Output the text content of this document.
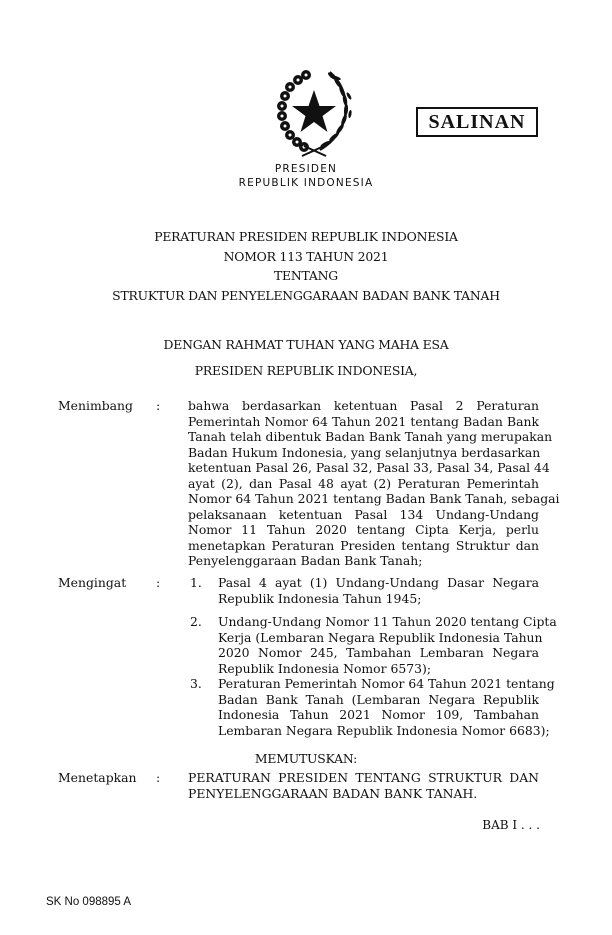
SALINAN
PRESIDEN
REPUBLIK INDONESIA
PERATURAN PRESIDEN REPUBLIK INDONESIA
NOMOR 113 TAHUN 2021
TENTANG
STRUKTUR DAN PENYELENGGARAAN BADAN BANK TANAH
DENGAN RAHMAT TUHAN YANG MAHA ESA
PRESIDEN REPUBLIK INDONESIA,
Menimbang : bahwa berdasarkan ketentuan Pasal 2 Peraturan
Pemerintah Nomor 64 Tahun 2021 tentang Badan Bank
Tanah telah dibentuk Badan Bank Tanah yang merupakan
Badan Hukum Indonesia, yang selanjutnya berdasarkan
ketentuan Pasal 26, Pasal 32, Pasal 33, Pasal 34, Pasal 44
ayat (2), dan Pasal 48 ayat (2) Peraturan Pemerintah
Nomor 64 Tahun 2021 tentang Badan Bank Tanah, sebagai
pelaksanaan ketentuan Pasal 134 Undang-Undang
Nomor 11 Tahun 2020 tentang Cipta Kerja, perlu
menetapkan Peraturan Presiden tentang Struktur dan
Penyelenggaraan Badan Bank Tanah;
Mengingat : 1. Pasal 4 ayat (1) Undang-Undang Dasar Negara
Republik Indonesia Tahun 1945;
2. Undang-Undang Nomor 11 Tahun 2020 tentang Cipta
Kerja (Lembaran Negara Republik Indonesia Tahun
2020 Nomor 245, Tambahan Lembaran Negara
Republik Indonesia Nomor 6573);
3. Peraturan Pemerintah Nomor 64 Tahun 2021 tentang
Badan Bank Tanah (Lembaran Negara Republik
Indonesia Tahun 2021 Nomor 109, Tambahan
Lembaran Negara Republik Indonesia Nomor 6683);
MEMUTUSKAN:
Menetapkan : PERATURAN PRESIDEN TENTANG STRUKTUR DAN
PENYELENGGARAAN BADAN BANK TANAH.
BAB I . . .
SK No 098895 A
